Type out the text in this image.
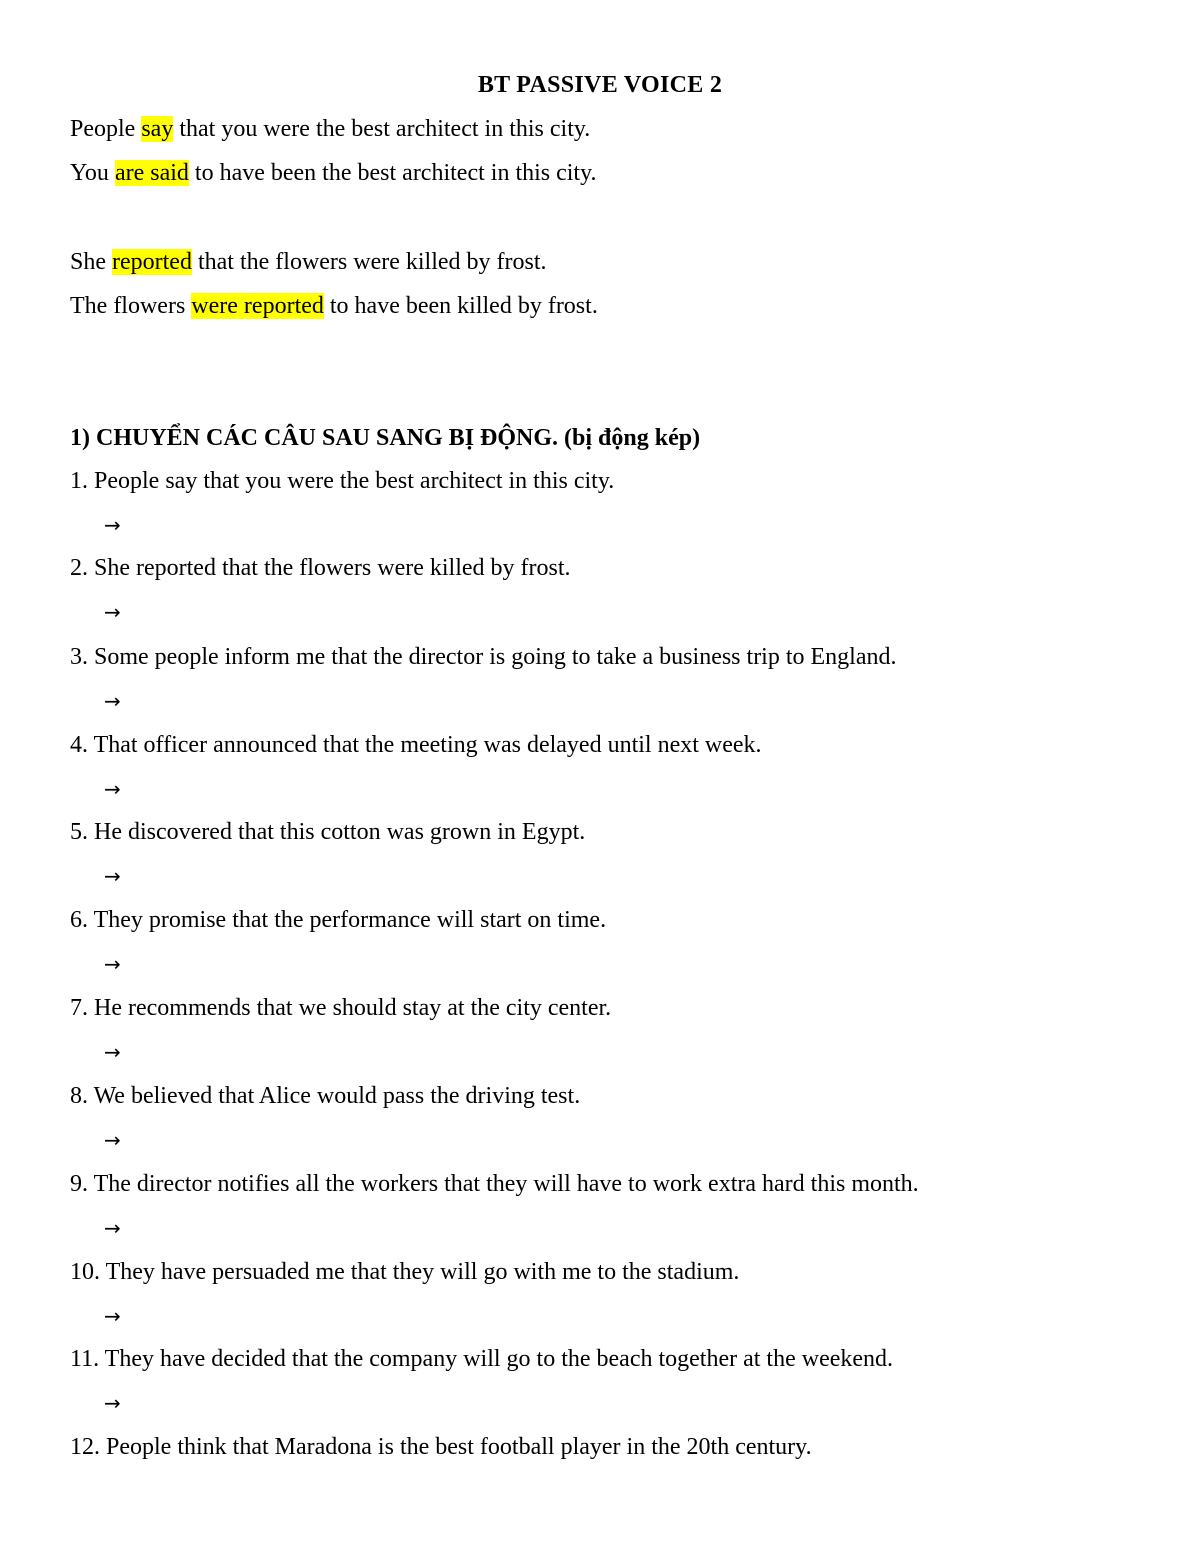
BT PASSIVE VOICE 2
People say that you were the best architect in this city.
You are said to have been the best architect in this city.
She reported that the flowers were killed by frost.
The flowers were reported to have been killed by frost.
1) CHUYỂN CÁC CÂU SAU SANG BỊ ĐỘNG. (bị động kép)
1. People say that you were the best architect in this city.
→
2. She reported that the flowers were killed by frost.
→
3. Some people inform me that the director is going to take a business trip to England.
→
4. That officer announced that the meeting was delayed until next week.
→
5. He discovered that this cotton was grown in Egypt.
→
6. They promise that the performance will start on time.
→
7. He recommends that we should stay at the city center.
→
8. We believed that Alice would pass the driving test.
→
9. The director notifies all the workers that they will have to work extra hard this month.
→
10. They have persuaded me that they will go with me to the stadium.
→
11. They have decided that the company will go to the beach together at the weekend.
→
12. People think that Maradona is the best football player in the 20th century.
